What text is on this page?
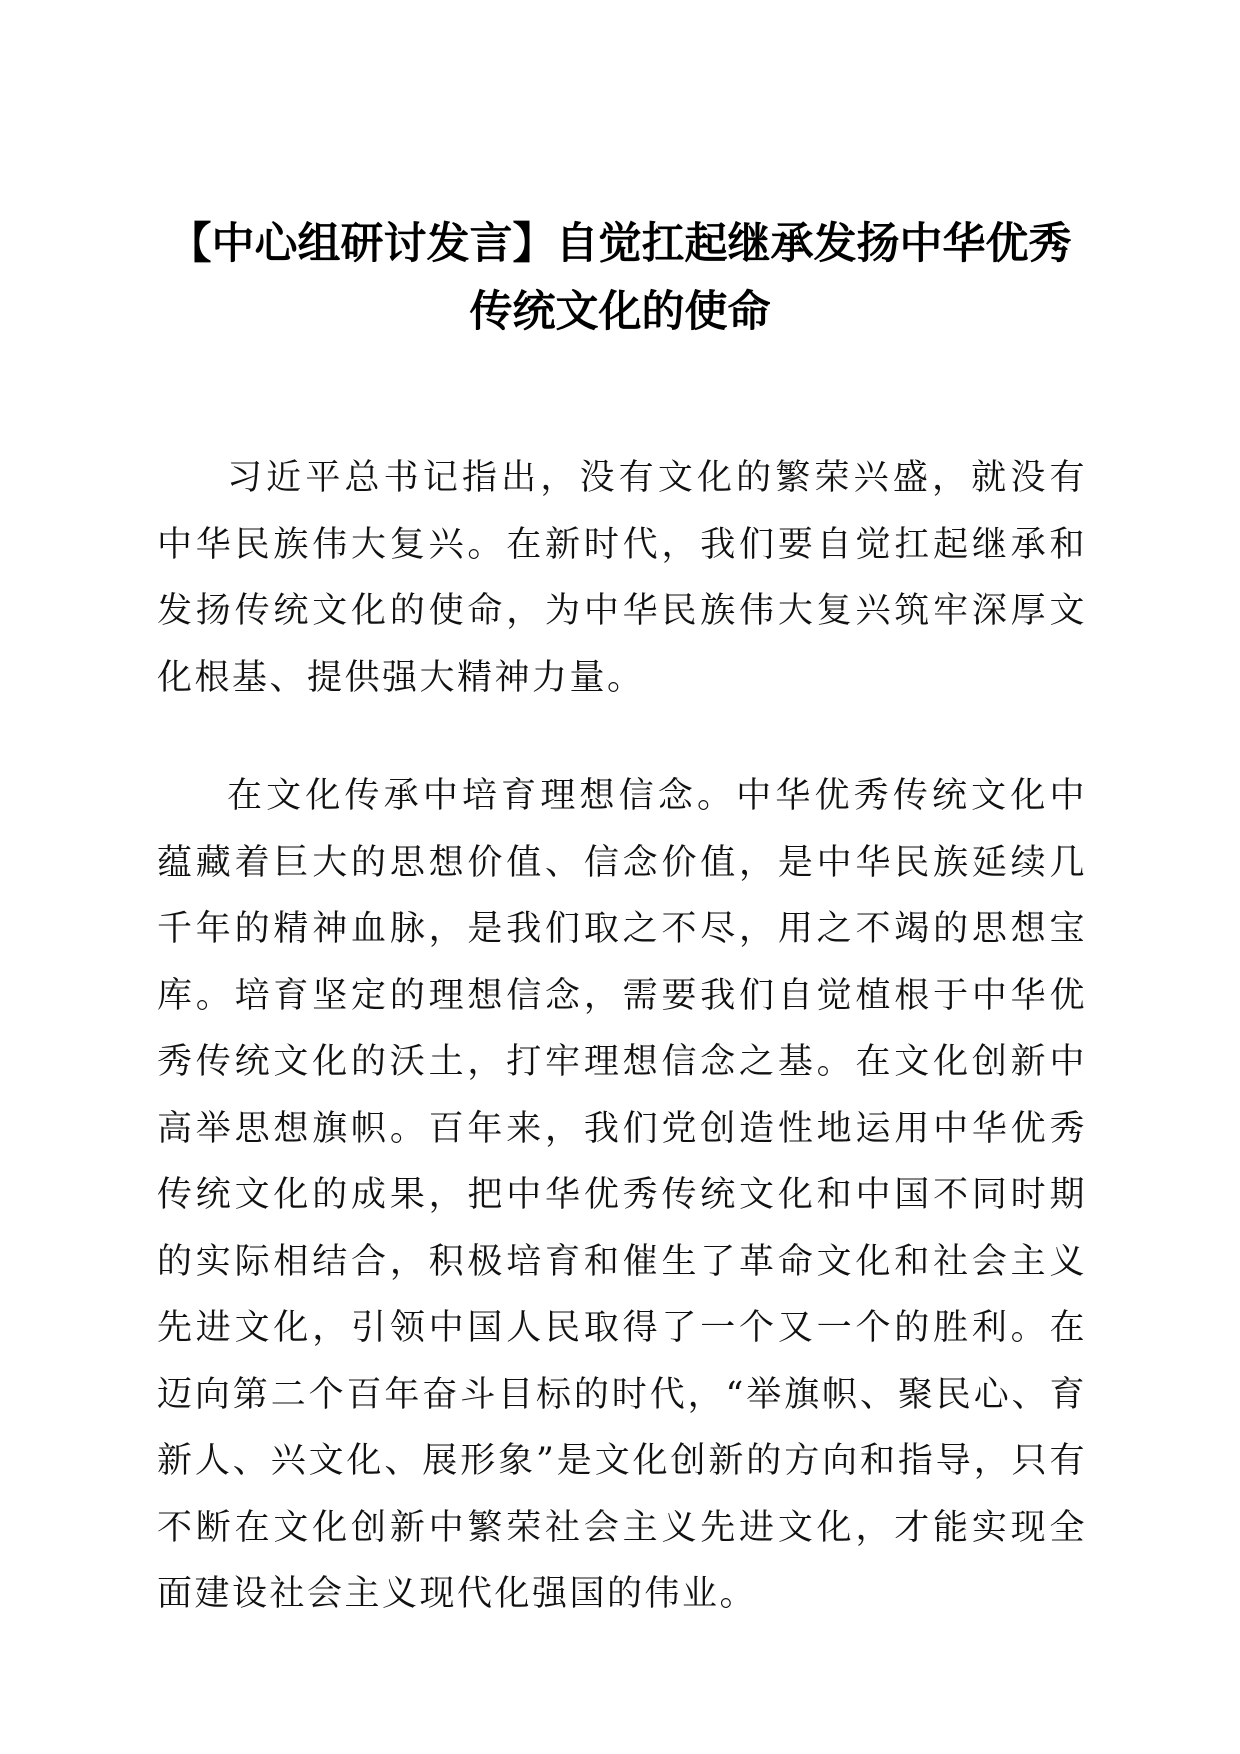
【中心组研讨发言】自觉扛起继承发扬中华优秀传统文化的使命

习近平总书记指出，没有文化的繁荣兴盛，就没有中华民族伟大复兴。在新时代，我们要自觉扛起继承和发扬传统文化的使命，为中华民族伟大复兴筑牢深厚文化根基、提供强大精神力量。

在文化传承中培育理想信念。中华优秀传统文化中蕴藏着巨大的思想价值、信念价值，是中华民族延续几千年的精神血脉，是我们取之不尽，用之不竭的思想宝库。培育坚定的理想信念，需要我们自觉植根于中华优秀传统文化的沃土，打牢理想信念之基。在文化创新中高举思想旗帜。百年来，我们党创造性地运用中华优秀传统文化的成果，把中华优秀传统文化和中国不同时期的实际相结合，积极培育和催生了革命文化和社会主义先进文化，引领中国人民取得了一个又一个的胜利。在迈向第二个百年奋斗目标的时代，“举旗帜、聚民心、育新人、兴文化、展形象”是文化创新的方向和指导，只有不断在文化创新中繁荣社会主义先进文化，才能实现全面建设社会主义现代化强国的伟业。
